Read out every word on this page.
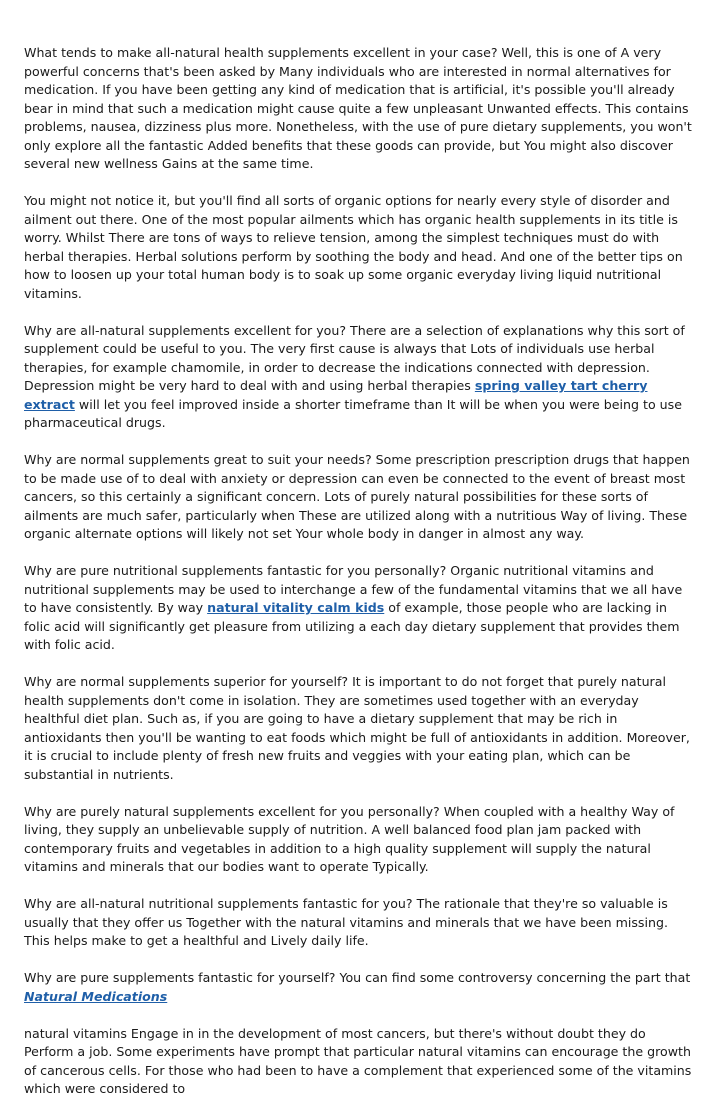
What tends to make all-natural health supplements excellent in your case? Well, this is one of A very powerful concerns that's been asked by Many individuals who are interested in normal alternatives for medication. If you have been getting any kind of medication that is artificial, it's possible you'll already bear in mind that such a medication might cause quite a few unpleasant Unwanted effects. This contains problems, nausea, dizziness plus more. Nonetheless, with the use of pure dietary supplements, you won't only explore all the fantastic Added benefits that these goods can provide, but You might also discover several new wellness Gains at the same time.

You might not notice it, but you'll find all sorts of organic options for nearly every style of disorder and ailment out there. One of the most popular ailments which has organic health supplements in its title is worry. Whilst There are tons of ways to relieve tension, among the simplest techniques must do with herbal therapies. Herbal solutions perform by soothing the body and head. And one of the better tips on how to loosen up your total human body is to soak up some organic everyday living liquid nutritional vitamins.

Why are all-natural supplements excellent for you? There are a selection of explanations why this sort of supplement could be useful to you. The very first cause is always that Lots of individuals use herbal therapies, for example chamomile, in order to decrease the indications connected with depression. Depression might be very hard to deal with and using herbal therapies spring valley tart cherry extract will let you feel improved inside a shorter timeframe than It will be when you were being to use pharmaceutical drugs.

Why are normal supplements great to suit your needs? Some prescription prescription drugs that happen to be made use of to deal with anxiety or depression can even be connected to the event of breast most cancers, so this certainly a significant concern. Lots of purely natural possibilities for these sorts of ailments are much safer, particularly when These are utilized along with a nutritious Way of living. These organic alternate options will likely not set Your whole body in danger in almost any way.

Why are pure nutritional supplements fantastic for you personally? Organic nutritional vitamins and nutritional supplements may be used to interchange a few of the fundamental vitamins that we all have to have consistently. By way natural vitality calm kids of example, those people who are lacking in folic acid will significantly get pleasure from utilizing a each day dietary supplement that provides them with folic acid.

Why are normal supplements superior for yourself? It is important to do not forget that purely natural health supplements don't come in isolation. They are sometimes used together with an everyday healthful diet plan. Such as, if you are going to have a dietary supplement that may be rich in antioxidants then you'll be wanting to eat foods which might be full of antioxidants in addition. Moreover, it is crucial to include plenty of fresh new fruits and veggies with your eating plan, which can be substantial in nutrients.

Why are purely natural supplements excellent for you personally? When coupled with a healthy Way of living, they supply an unbelievable supply of nutrition. A well balanced food plan jam packed with contemporary fruits and vegetables in addition to a high quality supplement will supply the natural vitamins and minerals that our bodies want to operate Typically.

Why are all-natural nutritional supplements fantastic for you? The rationale that they're so valuable is usually that they offer us Together with the natural vitamins and minerals that we have been missing. This helps make to get a healthful and Lively daily life.

Why are pure supplements fantastic for yourself? You can find some controversy concerning the part that Natural Medications

natural vitamins Engage in in the development of most cancers, but there's without doubt they do Perform a job. Some experiments have prompt that particular natural vitamins can encourage the growth of cancerous cells. For those who had been to have a complement that experienced some of the vitamins which were considered to
